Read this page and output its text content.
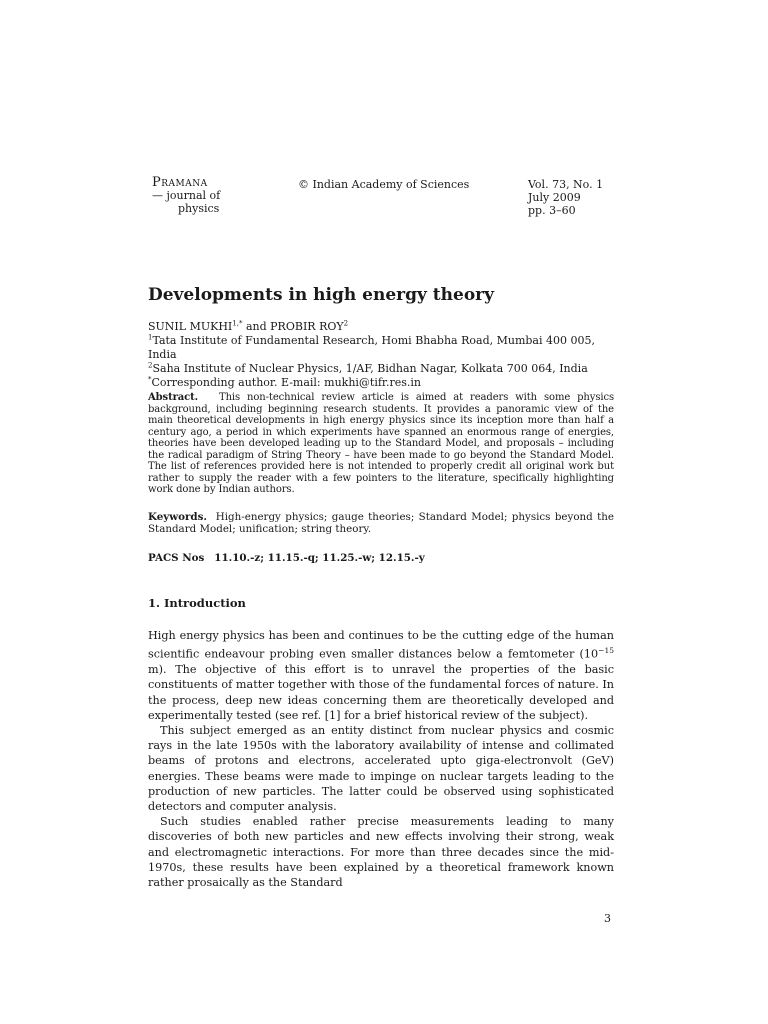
Pramana
— journal of
physics
© Indian Academy of Sciences	Vol. 73, No. 1
July 2009
pp. 3–60
Developments in high energy theory
SUNIL $MUKHI^{1,*}$ and PROBIR ROY$^2$
$^1$Tata Institute of Fundamental Research, Homi Bhabha Road, Mumbai 400 005, India
$^2$Saha Institute of Nuclear Physics, 1/AF, Bidhan Nagar, Kolkata 700 064, India
*Corresponding author. E-mail: mukhi@tifr.res.in
Abstract. This non-technical review article is aimed at readers with some physics background, including beginning research students. It provides a panoramic view of the main theoretical developments in high energy physics since its inception more than half a century ago, a period in which experiments have spanned an enormous range of energies, theories have been developed leading up to the Standard Model, and proposals – including the radical paradigm of String Theory – have been made to go beyond the Standard Model. The list of references provided here is not intended to properly credit all original work but rather to supply the reader with a few pointers to the literature, specifically highlighting work done by Indian authors.
Keywords. High-energy physics; gauge theories; Standard Model; physics beyond the Standard Model; unification; string theory.
PACS Nos 11.10.-z; 11.15.-q; 11.25.-w; 12.15.-y
1. Introduction

High energy physics has been and continues to be the cutting edge of the human scientific endeavour probing even smaller distances below a femtometer ($10^{-15}$ m). The objective of this effort is to unravel the properties of the basic constituents of matter together with those of the fundamental forces of nature. In the process, deep new ideas concerning them are theoretically developed and experimentally tested (see ref. [1] for a brief historical review of the subject).

This subject emerged as an entity distinct from nuclear physics and cosmic rays in the late 1950s with the laboratory availability of intense and collimated beams of protons and electrons, accelerated upto giga-electronvolt (GeV) energies. These beams were made to impinge on nuclear targets leading to the production of new particles. The latter could be observed using sophisticated detectors and computer analysis.

Such studies enabled rather precise measurements leading to many discoveries of both new particles and new effects involving their strong, weak and electromagnetic interactions. For more than three decades since the mid-1970s, these results have been explained by a theoretical framework known rather prosaically as the Standard

3
